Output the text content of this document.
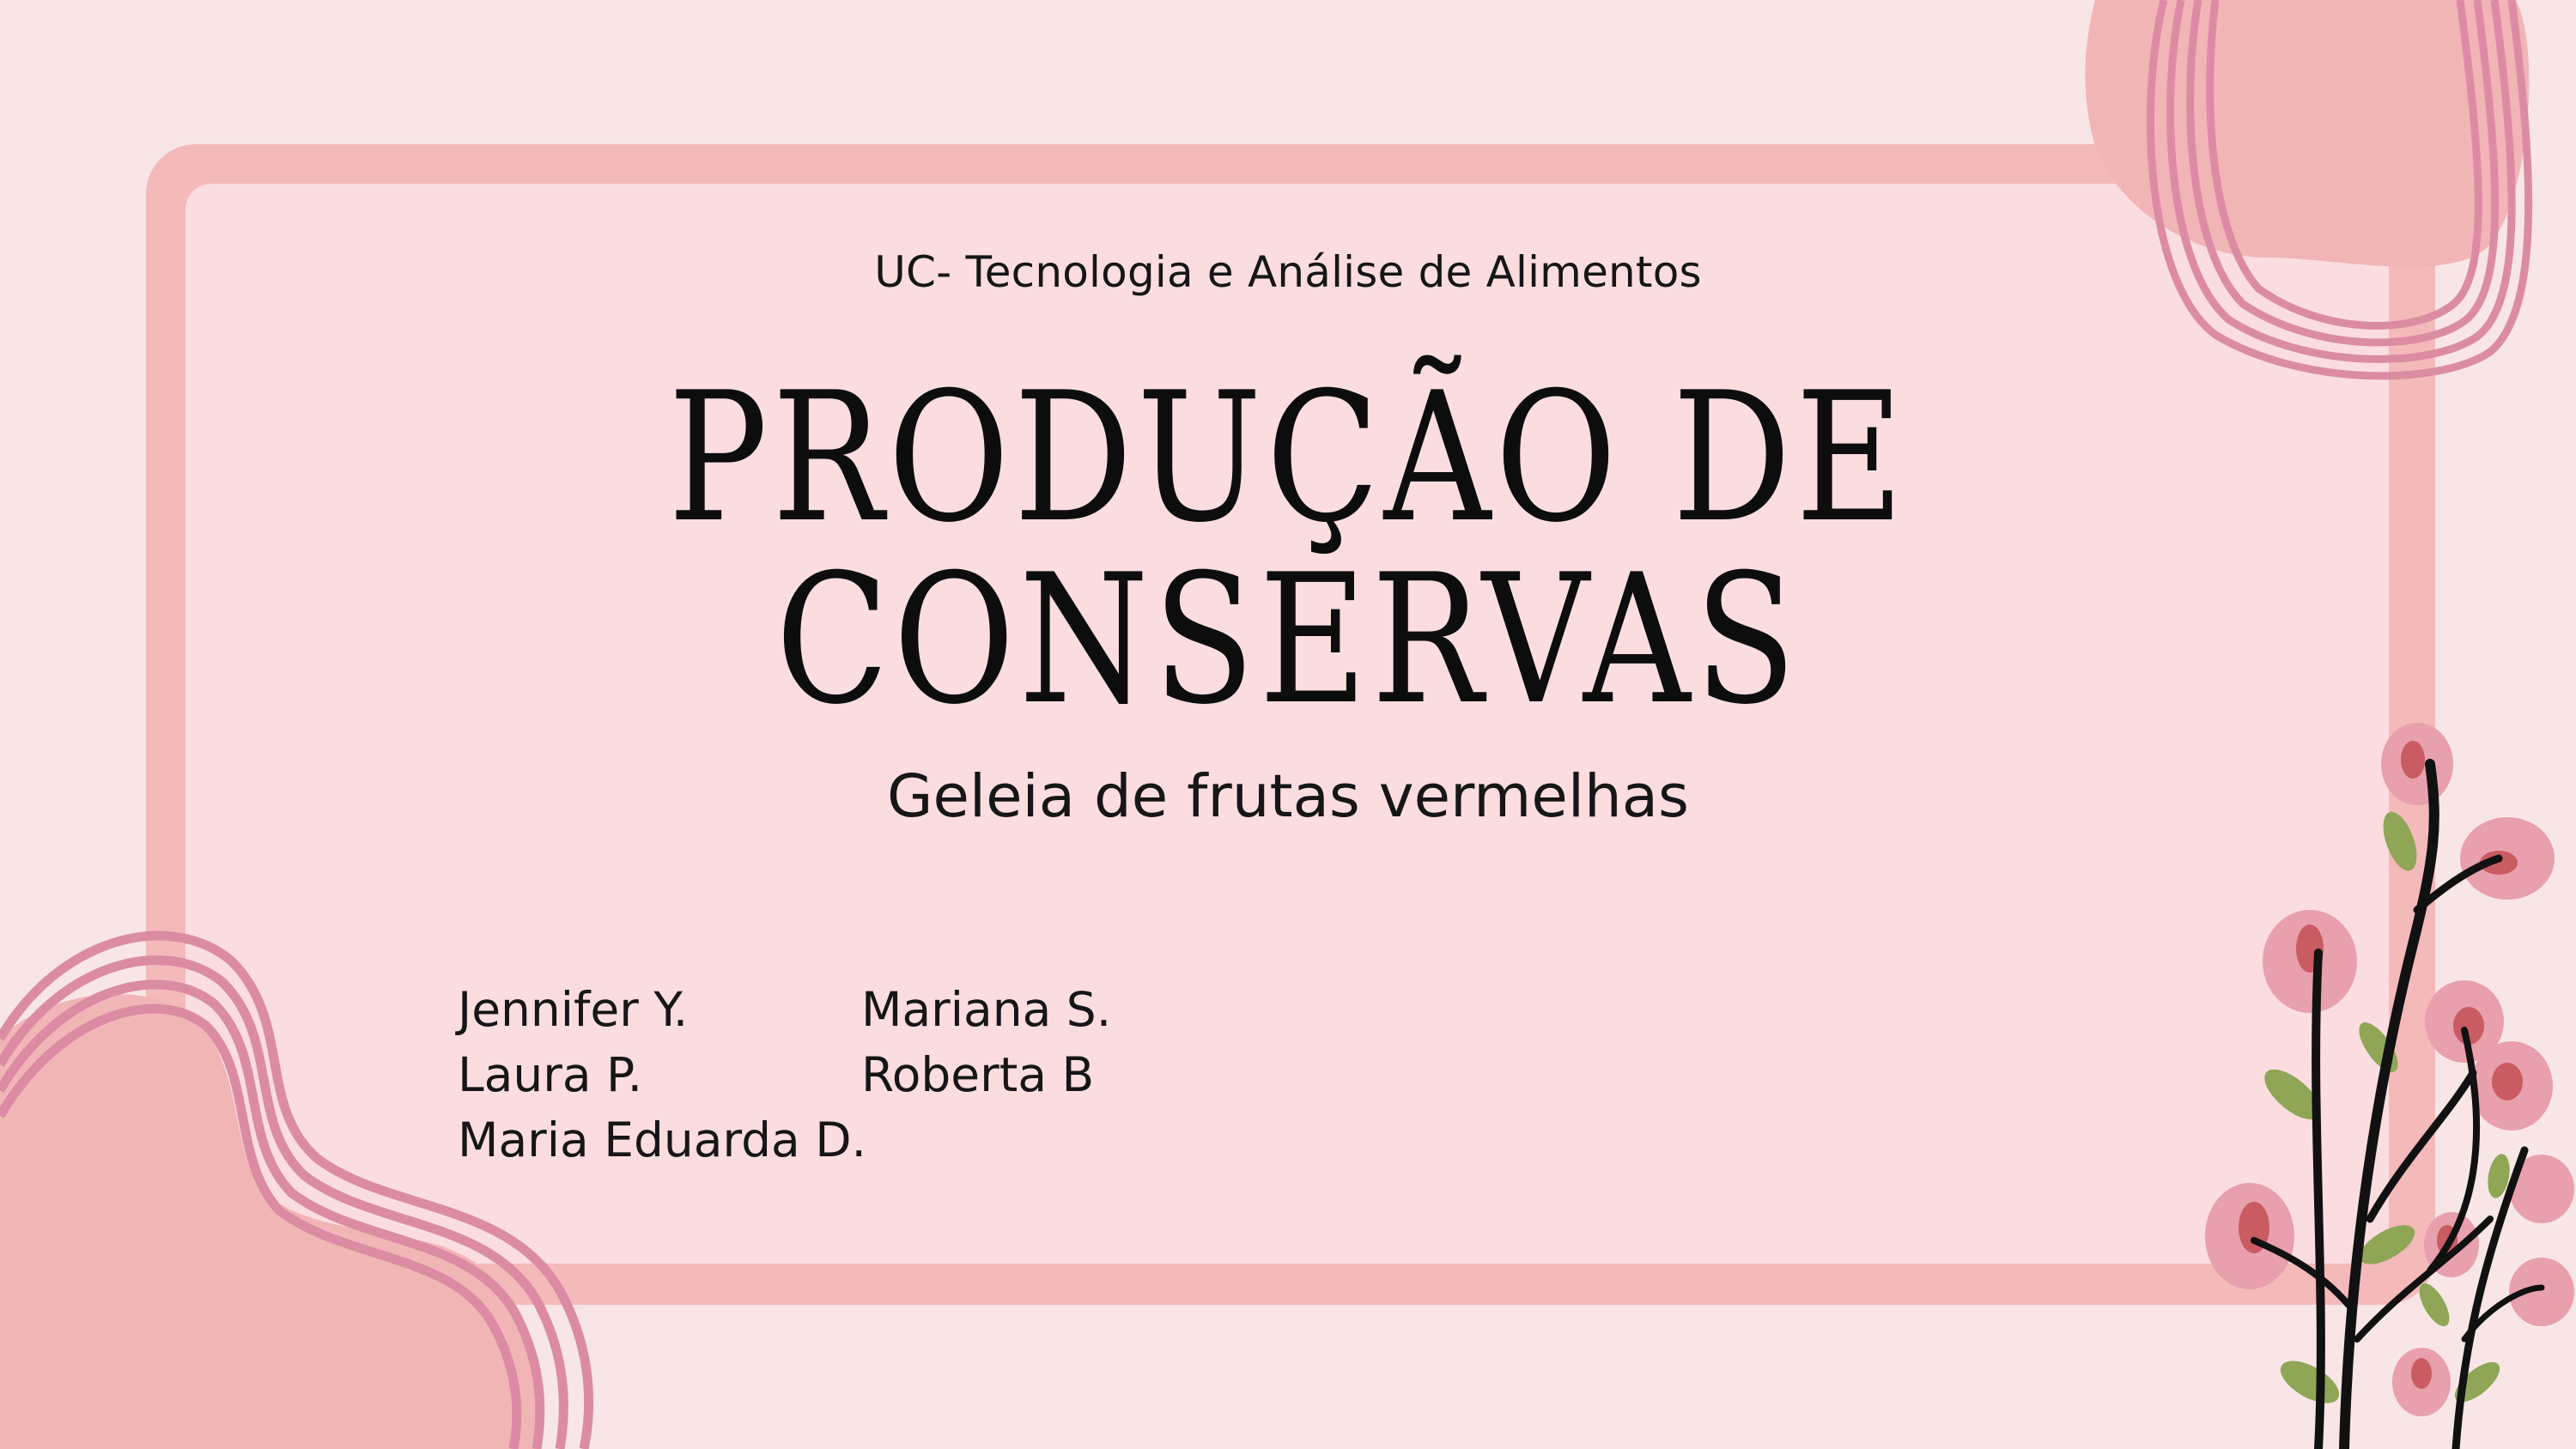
UC- Tecnologia e Análise de Alimentos
PRODUÇÃO DE
CONSERVAS
Geleia de frutas vermelhas
Jennifer Y.
Laura P.
Maria Eduarda D.
Mariana S.
Roberta B
